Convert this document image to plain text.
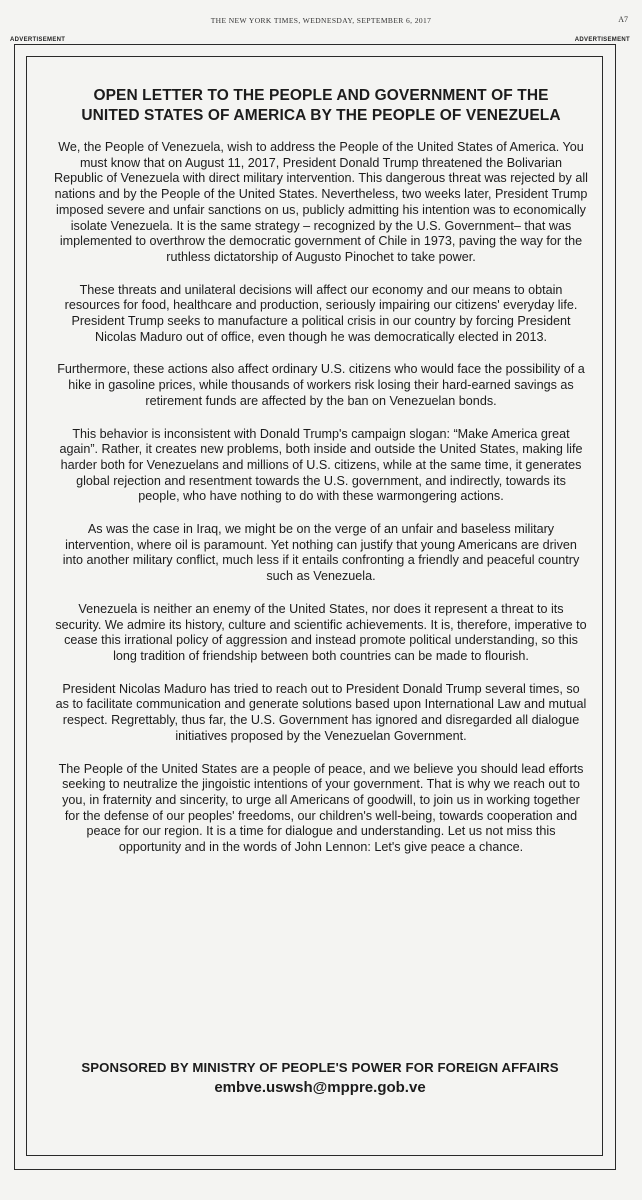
THE NEW YORK TIMES, WEDNESDAY, SEPTEMBER 6, 2017	A7
ADVERTISEMENT	ADVERTISEMENT
OPEN LETTER TO THE PEOPLE AND GOVERNMENT OF THE
UNITED STATES OF AMERICA BY THE PEOPLE OF VENEZUELA

We, the People of Venezuela, wish to address the People of the United States of America. You must know that on August 11, 2017, President Donald Trump threatened the Bolivarian Republic of Venezuela with direct military intervention. This dangerous threat was rejected by all nations and by the People of the United States. Nevertheless, two weeks later, President Trump imposed severe and unfair sanctions on us, publicly admitting his intention was to economically isolate Venezuela. It is the same strategy – recognized by the U.S. Government– that was implemented to overthrow the democratic government of Chile in 1973, paving the way for the ruthless dictatorship of Augusto Pinochet to take power.

These threats and unilateral decisions will affect our economy and our means to obtain resources for food, healthcare and production, seriously impairing our citizens' everyday life. President Trump seeks to manufacture a political crisis in our country by forcing President Nicolas Maduro out of office, even though he was democratically elected in 2013.

Furthermore, these actions also affect ordinary U.S. citizens who would face the possibility of a hike in gasoline prices, while thousands of workers risk losing their hard-earned savings as retirement funds are affected by the ban on Venezuelan bonds.

This behavior is inconsistent with Donald Trump's campaign slogan: “Make America great again”. Rather, it creates new problems, both inside and outside the United States, making life harder both for Venezuelans and millions of U.S. citizens, while at the same time, it generates global rejection and resentment towards the U.S. government, and indirectly, towards its people, who have nothing to do with these warmongering actions.

As was the case in Iraq, we might be on the verge of an unfair and baseless military intervention, where oil is paramount. Yet nothing can justify that young Americans are driven into another military conflict, much less if it entails confronting a friendly and peaceful country such as Venezuela.

Venezuela is neither an enemy of the United States, nor does it represent a threat to its security. We admire its history, culture and scientific achievements. It is, therefore, imperative to cease this irrational policy of aggression and instead promote political understanding, so this long tradition of friendship between both countries can be made to flourish.

President Nicolas Maduro has tried to reach out to President Donald Trump several times, so as to facilitate communication and generate solutions based upon International Law and mutual respect. Regrettably, thus far, the U.S. Government has ignored and disregarded all dialogue initiatives proposed by the Venezuelan Government.

The People of the United States are a people of peace, and we believe you should lead efforts seeking to neutralize the jingoistic intentions of your government. That is why we reach out to you, in fraternity and sincerity, to urge all Americans of goodwill, to join us in working together for the defense of our peoples' freedoms, our children's well-being, towards cooperation and peace for our region. It is a time for dialogue and understanding. Let us not miss this opportunity and in the words of John Lennon: Let's give peace a chance.

SPONSORED BY MINISTRY OF PEOPLE'S POWER FOR FOREIGN AFFAIRS

embve.uswsh@mppre.gob.ve
